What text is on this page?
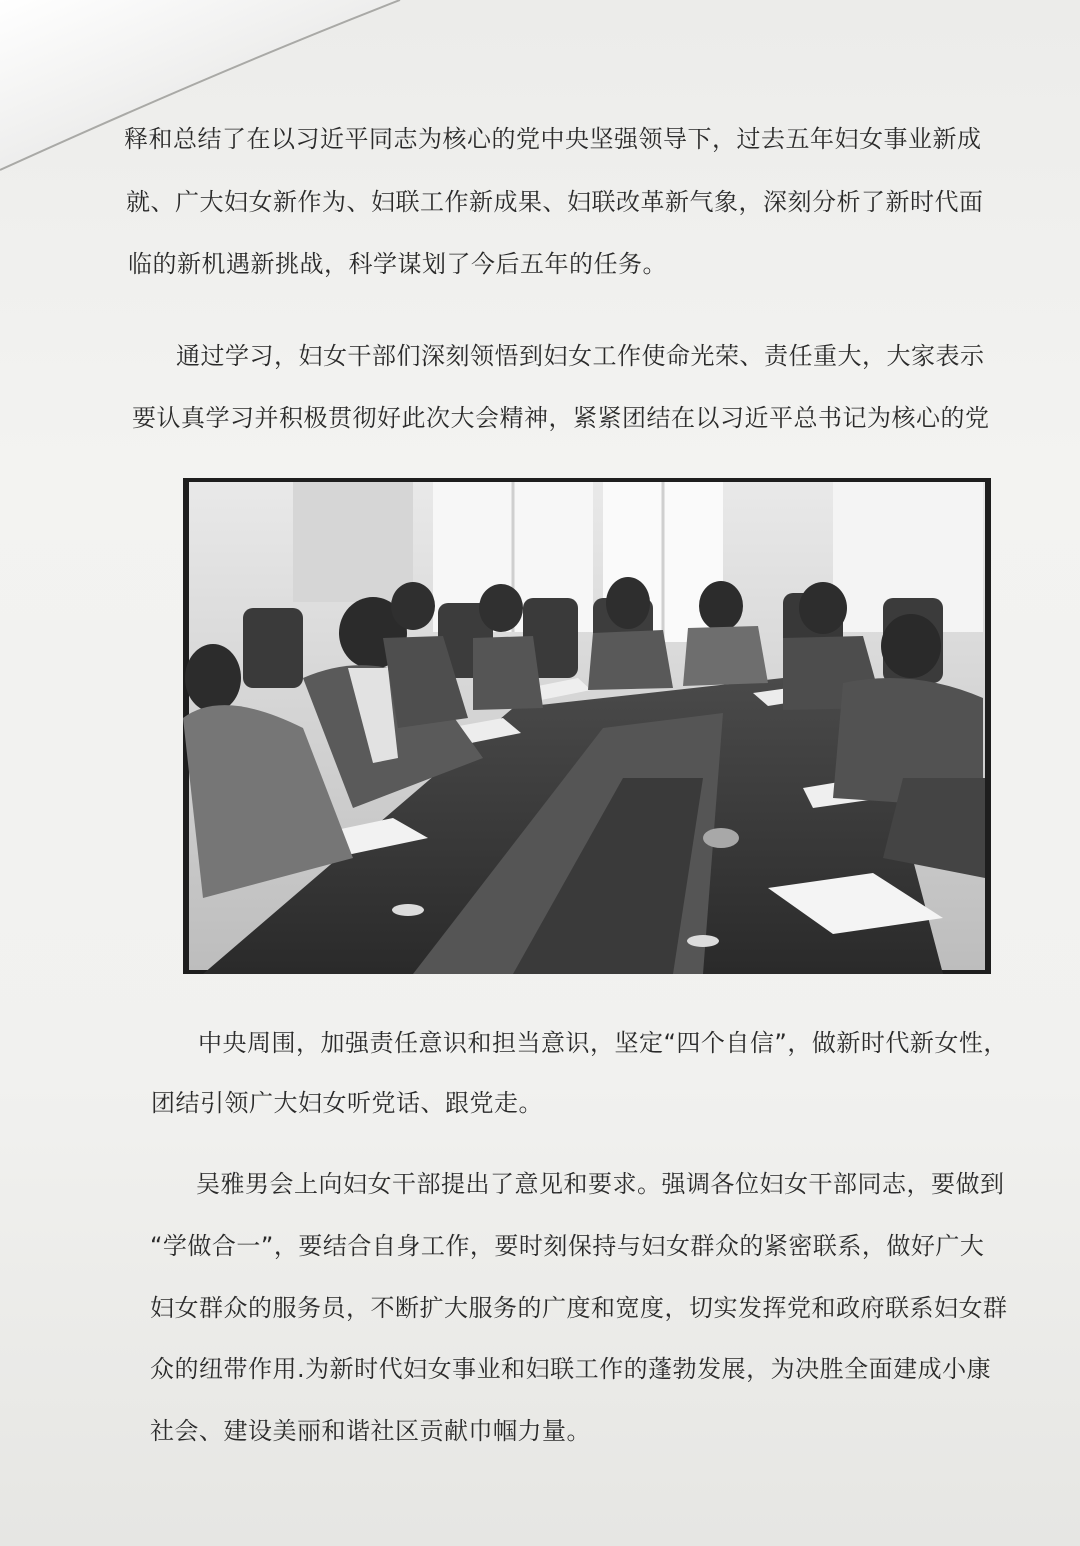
释和总结了在以习近平同志为核心的党中央坚强领导下，过去五年妇女事业新成
就、广大妇女新作为、妇联工作新成果、妇联改革新气象，深刻分析了新时代面
临的新机遇新挑战，科学谋划了今后五年的任务。
通过学习，妇女干部们深刻领悟到妇女工作使命光荣、责任重大，大家表示
要认真学习并积极贯彻好此次大会精神，紧紧团结在以习近平总书记为核心的党
中央周围，加强责任意识和担当意识，坚定“四个自信”，做新时代新女性，
团结引领广大妇女听党话、跟党走。
吴雅男会上向妇女干部提出了意见和要求。强调各位妇女干部同志，要做到
“学做合一”，要结合自身工作，要时刻保持与妇女群众的紧密联系，做好广大
妇女群众的服务员，不断扩大服务的广度和宽度，切实发挥党和政府联系妇女群
众的纽带作用.为新时代妇女事业和妇联工作的蓬勃发展，为决胜全面建成小康
社会、建设美丽和谐社区贡献巾帼力量。
